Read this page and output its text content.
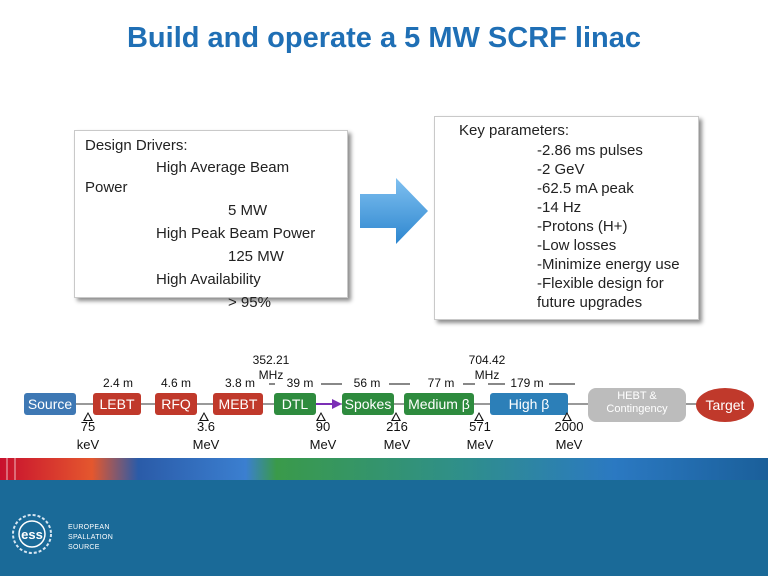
Build and operate a 5 MW SCRF linac
Design Drivers:
High Average Beam
Power
5 MW
High Peak Beam Power
125 MW
High Availability
> 95%
Key parameters:
-2.86 ms pulses
-2 GeV
-62.5 mA peak
-14 Hz
-Protons (H+)
-Low losses
-Minimize energy use
-Flexible design for
future upgrades
352.21
MHz
704.42
MHz
2.4 m	4.6 m	3.8 m	39 m	56 m	77 m	179 m
Source	LEBT	RFQ	MEBT	DTL	Spokes Medium β	High β	HEBT &
Contingency	Target
75
keV
3.6
MeV
90
MeV
216
MeV
571
MeV
2000
MeV
ess	EUROPEAN
SPALLATION
SOURCE
